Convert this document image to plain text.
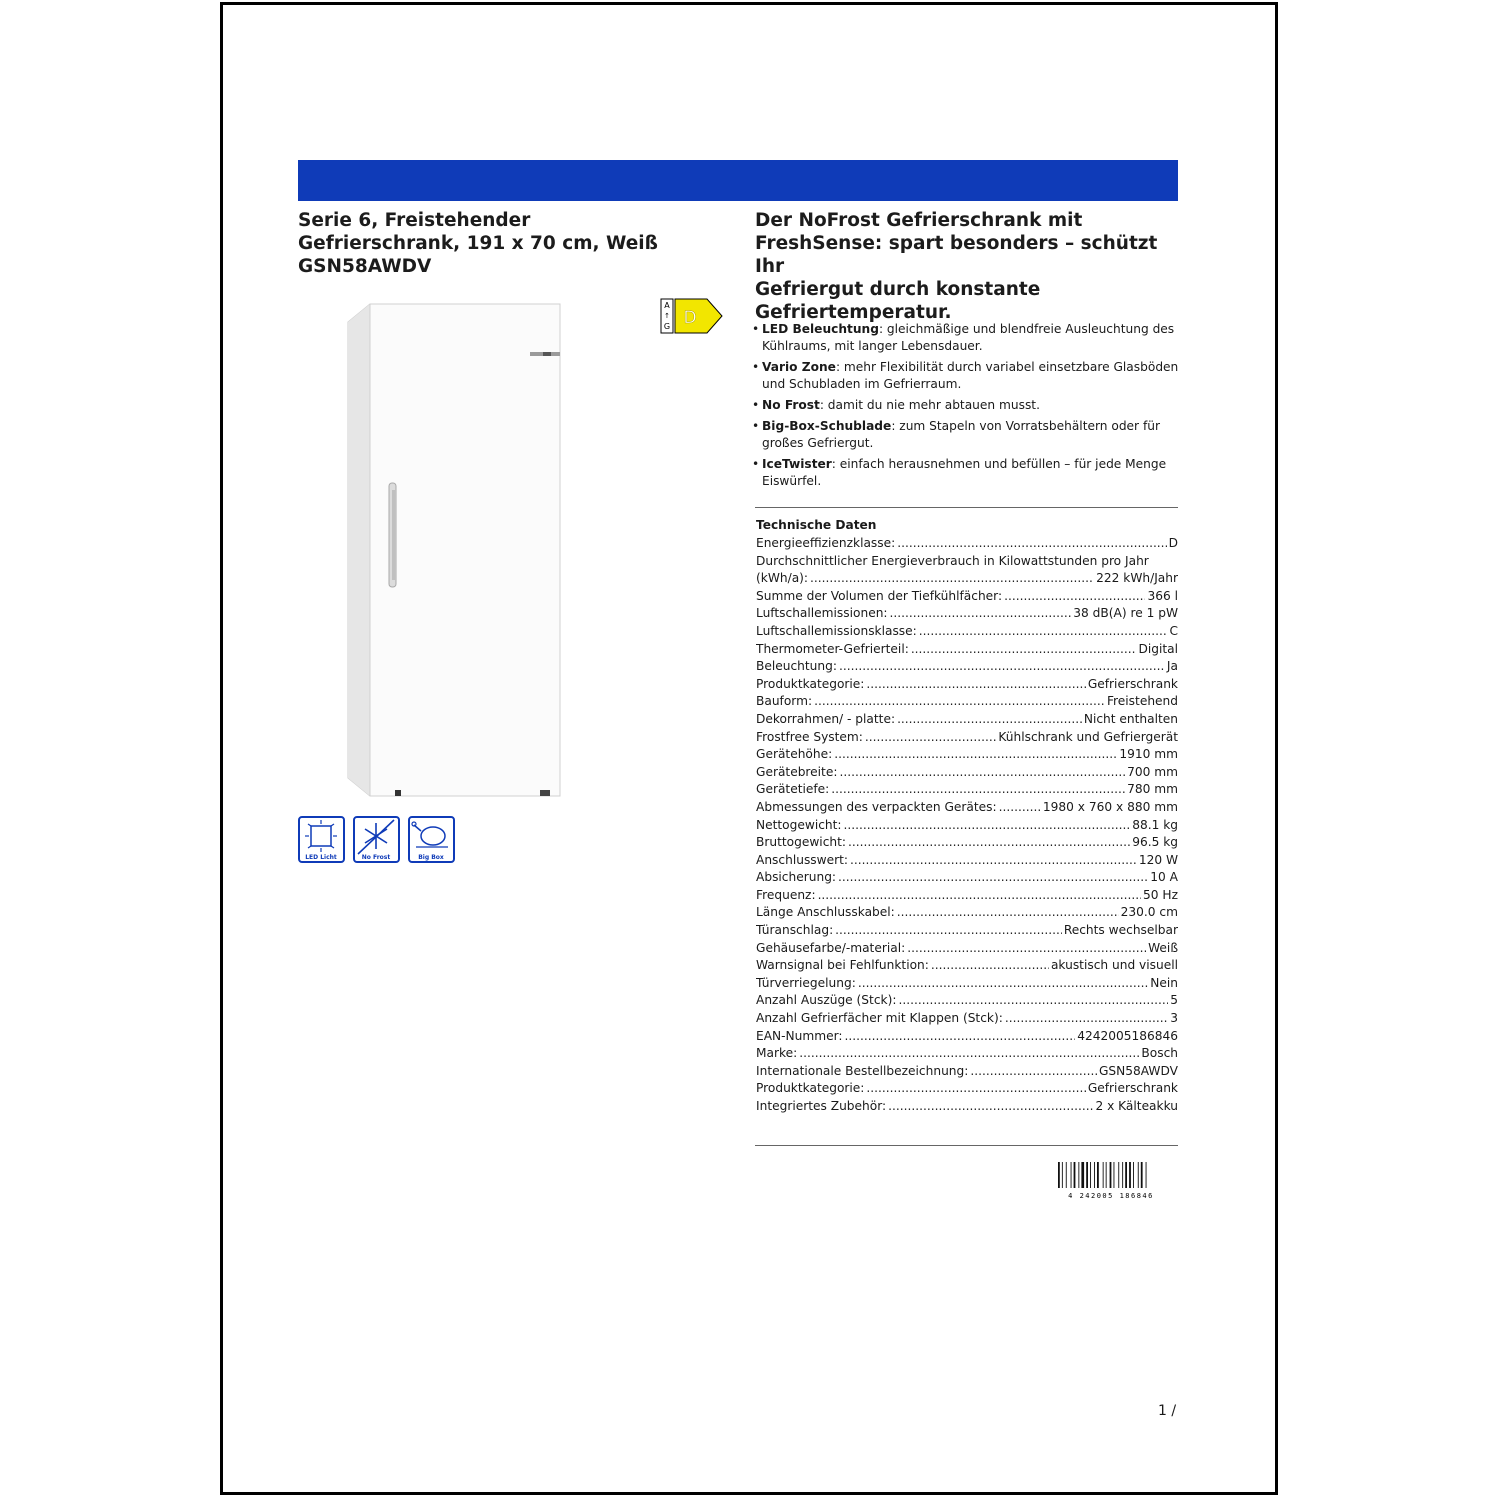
Serie 6, Freistehender
Gefrierschrank, 191 x 70 cm, Weiß
GSN58AWDV
Der NoFrost Gefrierschrank mit
FreshSense: spart besonders – schützt Ihr
Gefriergut durch konstante
Gefriertemperatur.
A
↑
G D
LED Licht	No Frost	Big Box
• LED Beleuchtung: gleichmäßige und blendfreie Ausleuchtung des Kühlraums, mit langer Lebensdauer.
• Vario Zone: mehr Flexibilität durch variabel einsetzbare Glasböden und Schubladen im Gefrierraum.
• No Frost: damit du nie mehr abtauen musst.
• Big-Box-Schublade: zum Stapeln von Vorratsbehältern oder für großes Gefriergut.
• IceTwister: einfach herausnehmen und befüllen – für jede Menge Eiswürfel.
Technische Daten
Energieeffizienzklasse: .....	D
Durchschnittlicher Energieverbrauch in Kilowattstunden pro Jahr
(kWh/a): .....	222 kWh/Jahr
Summe der Volumen der Tiefkühlfächer: .....	366 l
Luftschallemissionen: .....	38 dB(A) re 1 pW
Luftschallemissionsklasse: .....	C
Thermometer-Gefrierteil: .....	Digital
Beleuchtung: .....	Ja
Produktkategorie: .....	Gefrierschrank
Bauform: .....	Freistehend
Dekorrahmen/ - platte: .....	Nicht enthalten
Frostfree System: .....	Kühlschrank und Gefriergerät
Gerätehöhe: .....	1910 mm
Gerätebreite: .....	700 mm
Gerätetiefe: .....	780 mm
Abmessungen des verpackten Gerätes: .....	1980 x 760 x 880 mm
Nettogewicht: .....	88.1 kg
Bruttogewicht: .....	96.5 kg
Anschlusswert: .....	120 W
Absicherung: .....	10 A
Frequenz: .....	50 Hz
Länge Anschlusskabel: .....	230.0 cm
Türanschlag: .....	Rechts wechselbar
Gehäusefarbe/-material: .....	Weiß
Warnsignal bei Fehlfunktion: .....	akustisch und visuell
Türverriegelung: .....	Nein
Anzahl Auszüge (Stck): .....	5
Anzahl Gefrierfächer mit Klappen (Stck): .....	3
EAN-Nummer: .....	4242005186846
Marke: .....	Bosch
Internationale Bestellbezeichnung: .....	GSN58AWDV
Produktkategorie: .....	Gefrierschrank
Integriertes Zubehör: .....	2 x Kälteakku
4 242005 186846
1 /
